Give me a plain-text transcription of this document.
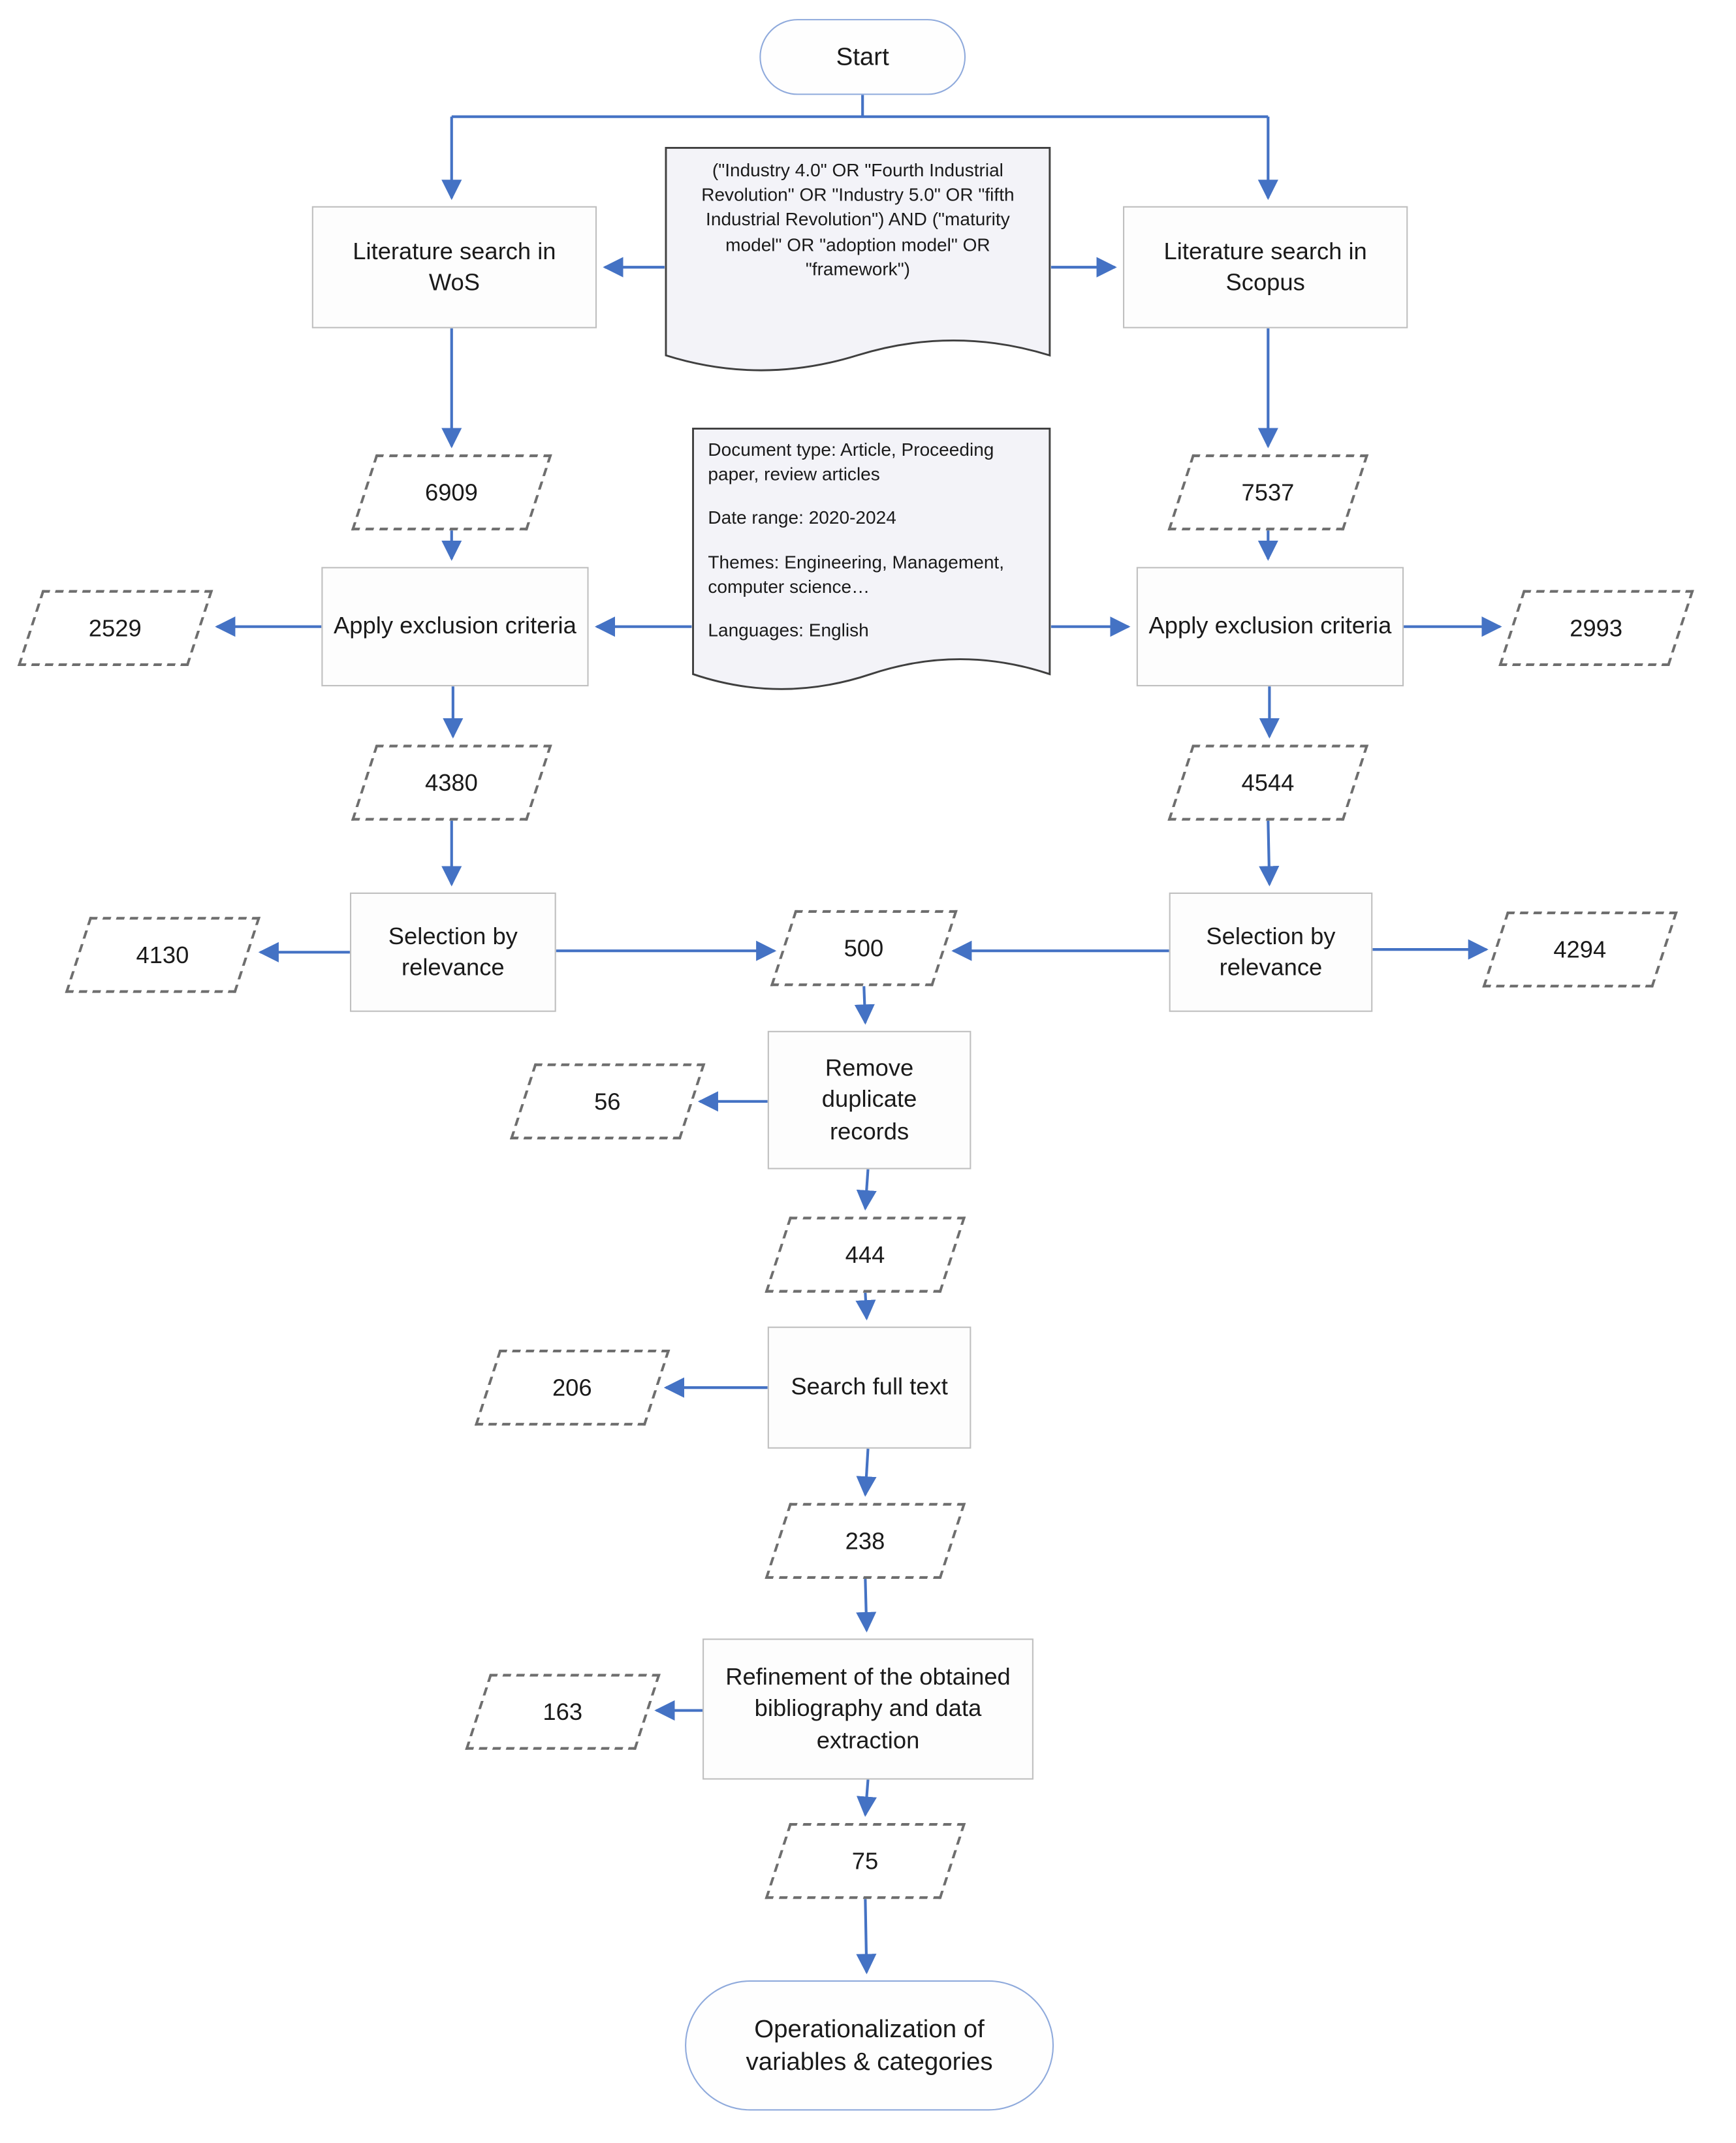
Start
Literature search in WoS
Literature search in Scopus
("Industry 4.0" OR "Fourth Industrial Revolution" OR "Industry 5.0" OR "fifth Industrial Revolution") AND ("maturity model" OR "adoption model" OR "framework")
6909	7537
Apply exclusion criteria	Apply exclusion criteria
2529	2993

Document type: Article, Proceeding paper, review articles

Date range: 2020-2024

Themes: Engineering, Management, computer science…

Languages: English

4380	4544
Selection by relevance
Selection by relevance
4130	4294
500
Remove duplicate records
56
444
Search full text
206
238
Refinement of the obtained bibliography and data extraction
163
75
Operationalization of variables & categories
